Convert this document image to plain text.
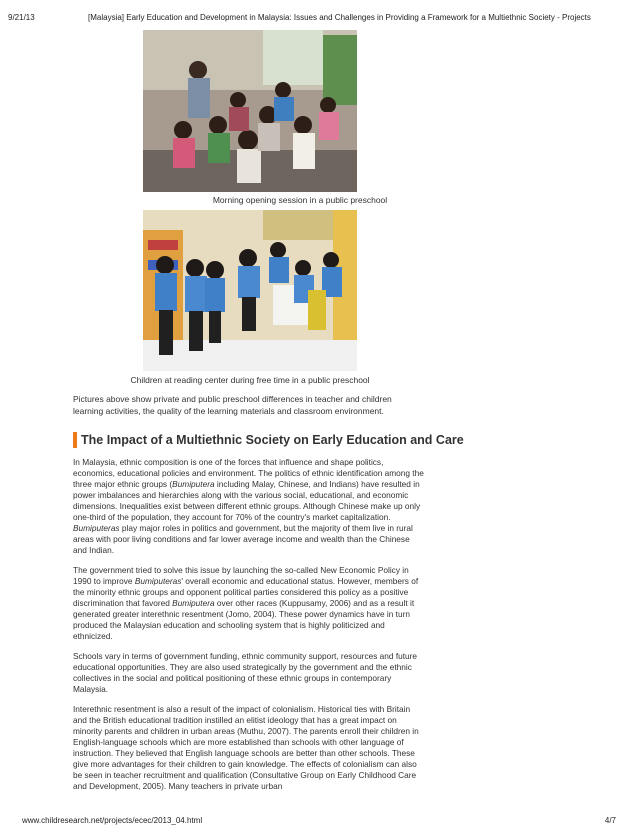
9/21/13	[Malaysia] Early Education and Development in Malaysia: Issues and Challenges in Providing a Framework for a Multiethnic Society - Projects
Morning opening session in a public preschool
Children at reading center during free time in a public preschool
Pictures above show private and public preschool differences in teacher and children learning activities, the quality of the learning materials and classroom environment.
The Impact of a Multiethnic Society on Early Education and Care

In Malaysia, ethnic composition is one of the forces that influence and shape politics, economics, educational policies and environment. The politics of ethnic identification among the three major ethnic groups (Bumiputera including Malay, Chinese, and Indians) have resulted in power imbalances and hierarchies along with the various social, educational, and economic dimensions. Inequalities exist between different ethnic groups. Although Chinese make up only one-third of the population, they account for 70% of the country's market capitalization. Bumiputeras play major roles in politics and government, but the majority of them live in rural areas with poor living conditions and far lower average income and wealth than the Chinese and Indian.

The government tried to solve this issue by launching the so-called New Economic Policy in 1990 to improve Bumiputeras' overall economic and educational status. However, members of the minority ethnic groups and opponent political parties considered this policy as a positive discrimination that favored Bumiputera over other races (Kuppusamy, 2006) and as a result it generated greater interethnic resentment (Jomo, 2004). These power dynamics have in turn produced the Malaysian education and schooling system that is highly politicized and ethnicized.

Schools vary in terms of government funding, ethnic community support, resources and future educational opportunities. They are also used strategically by the government and the ethnic collectives in the social and political positioning of these ethnic groups in contemporary Malaysia.

Interethnic resentment is also a result of the impact of colonialism. Historical ties with Britain and the British educational tradition instilled an elitist ideology that has a great impact on minority parents and children in urban areas (Muthu, 2007). The parents enroll their children in English-language schools which are more established than schools with other language of instruction. They believed that English language schools are better than other schools. These give more advantages for their children to gain knowledge. The effects of colonialism can also be seen in teacher recruitment and qualification (Consultative Group on Early Childhood Care and Development, 2005). Many teachers in private urban

www.childresearch.net/projects/ecec/2013_04.html	4/7
